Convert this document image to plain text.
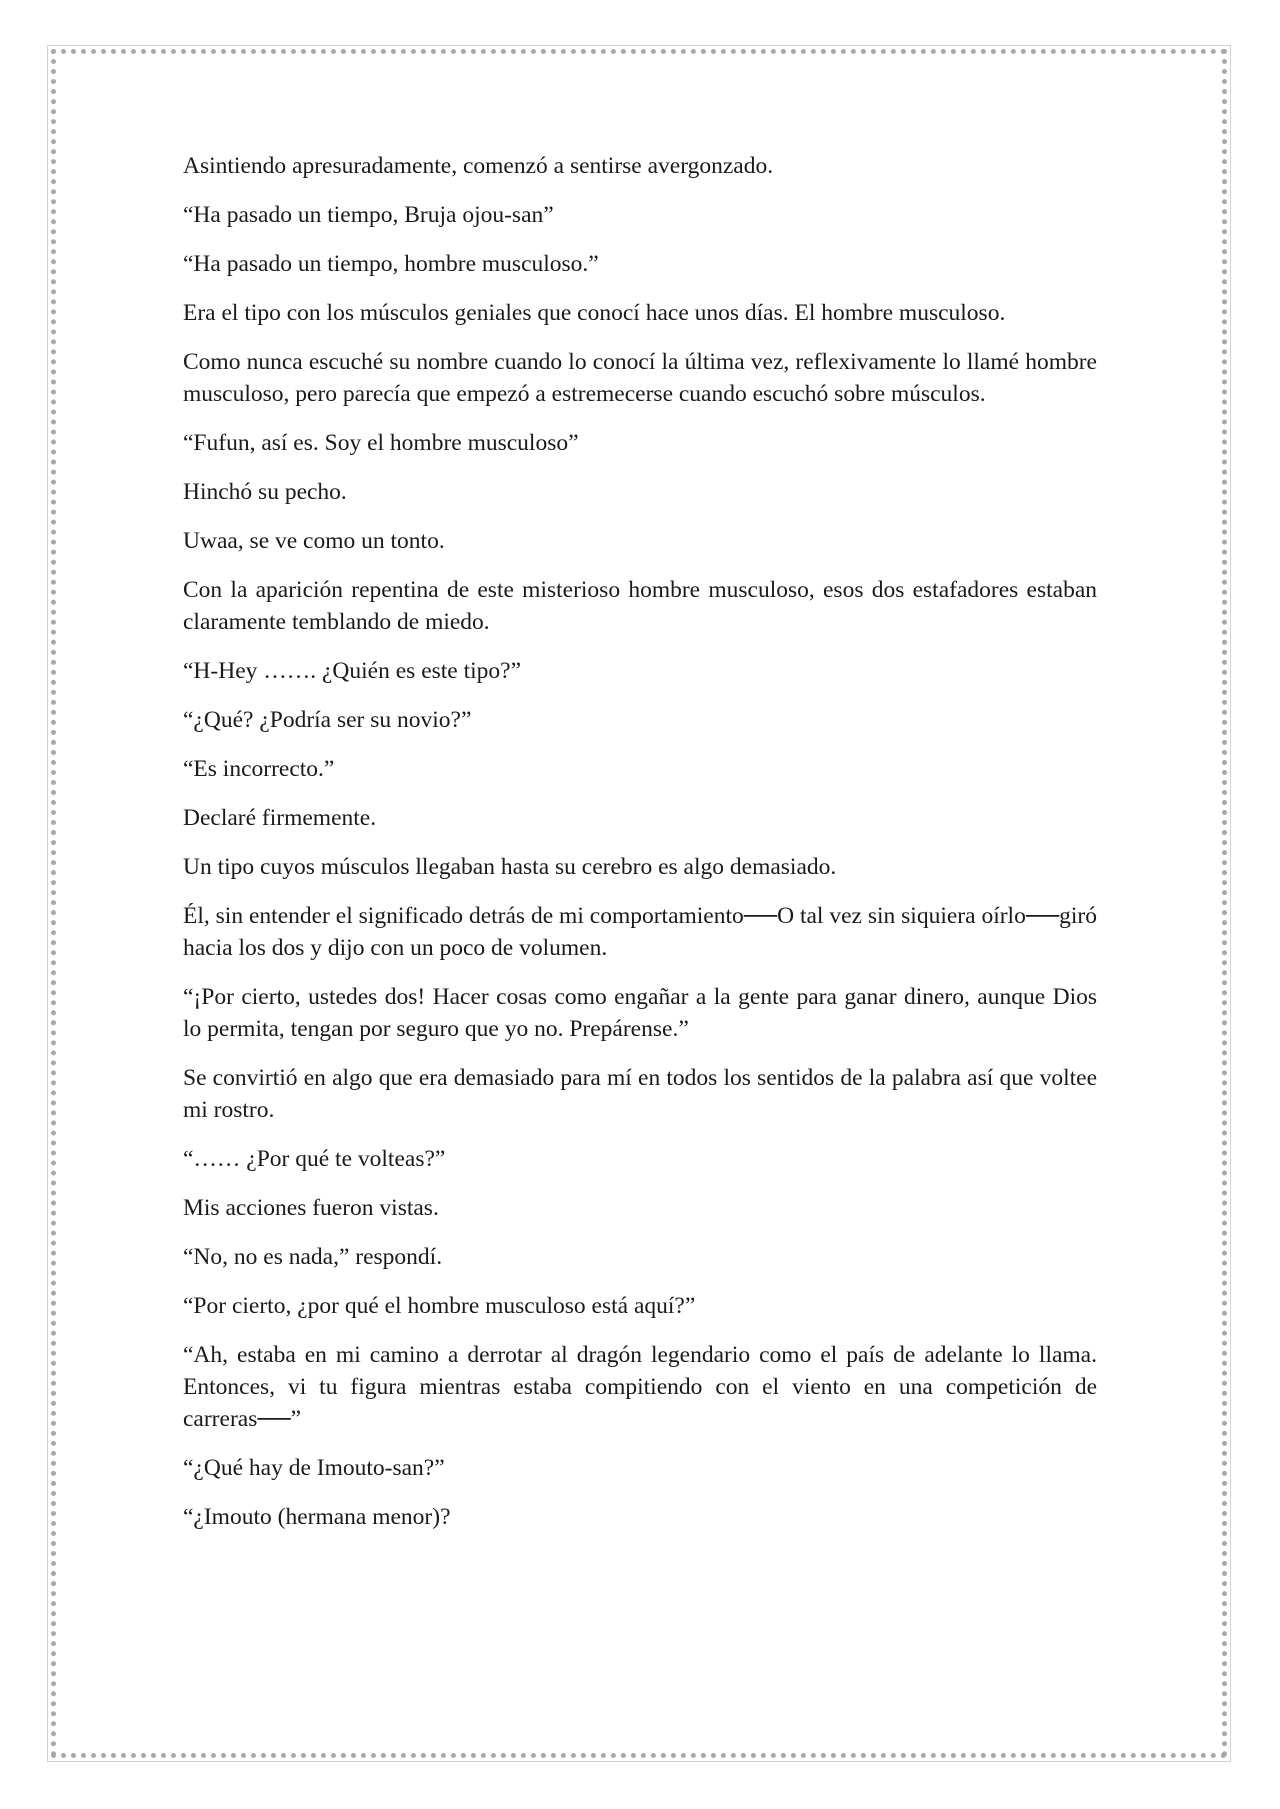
Asintiendo apresuradamente, comenzó a sentirse avergonzado.

“Ha pasado un tiempo, Bruja ojou-san”

“Ha pasado un tiempo, hombre musculoso.”

Era el tipo con los músculos geniales que conocí hace unos días. El hombre musculoso.

Como nunca escuché su nombre cuando lo conocí la última vez, reflexivamente lo llamé hombre musculoso, pero parecía que empezó a estremecerse cuando escuchó sobre músculos.

“Fufun, así es. Soy el hombre musculoso”

Hinchó su pecho.

Uwaa, se ve como un tonto.

Con la aparición repentina de este misterioso hombre musculoso, esos dos estafadores estaban claramente temblando de miedo.

“H-Hey ……. ¿Quién es este tipo?”

“¿Qué? ¿Podría ser su novio?”

“Es incorrecto.”

Declaré firmemente.

Un tipo cuyos músculos llegaban hasta su cerebro es algo demasiado.

Él, sin entender el significado detrás de mi comportamiento──O tal vez sin siquiera oírlo──giró hacia los dos y dijo con un poco de volumen.

“¡Por cierto, ustedes dos! Hacer cosas como engañar a la gente para ganar dinero, aunque Dios lo permita, tengan por seguro que yo no. Prepárense.”

Se convirtió en algo que era demasiado para mí en todos los sentidos de la palabra así que voltee mi rostro.

“…… ¿Por qué te volteas?”

Mis acciones fueron vistas.

“No, no es nada,” respondí.

“Por cierto, ¿por qué el hombre musculoso está aquí?”

“Ah, estaba en mi camino a derrotar al dragón legendario como el país de adelante lo llama. Entonces, vi tu figura mientras estaba compitiendo con el viento en una competición de carreras──”

“¿Qué hay de Imouto-san?”

“¿Imouto (hermana menor)?
